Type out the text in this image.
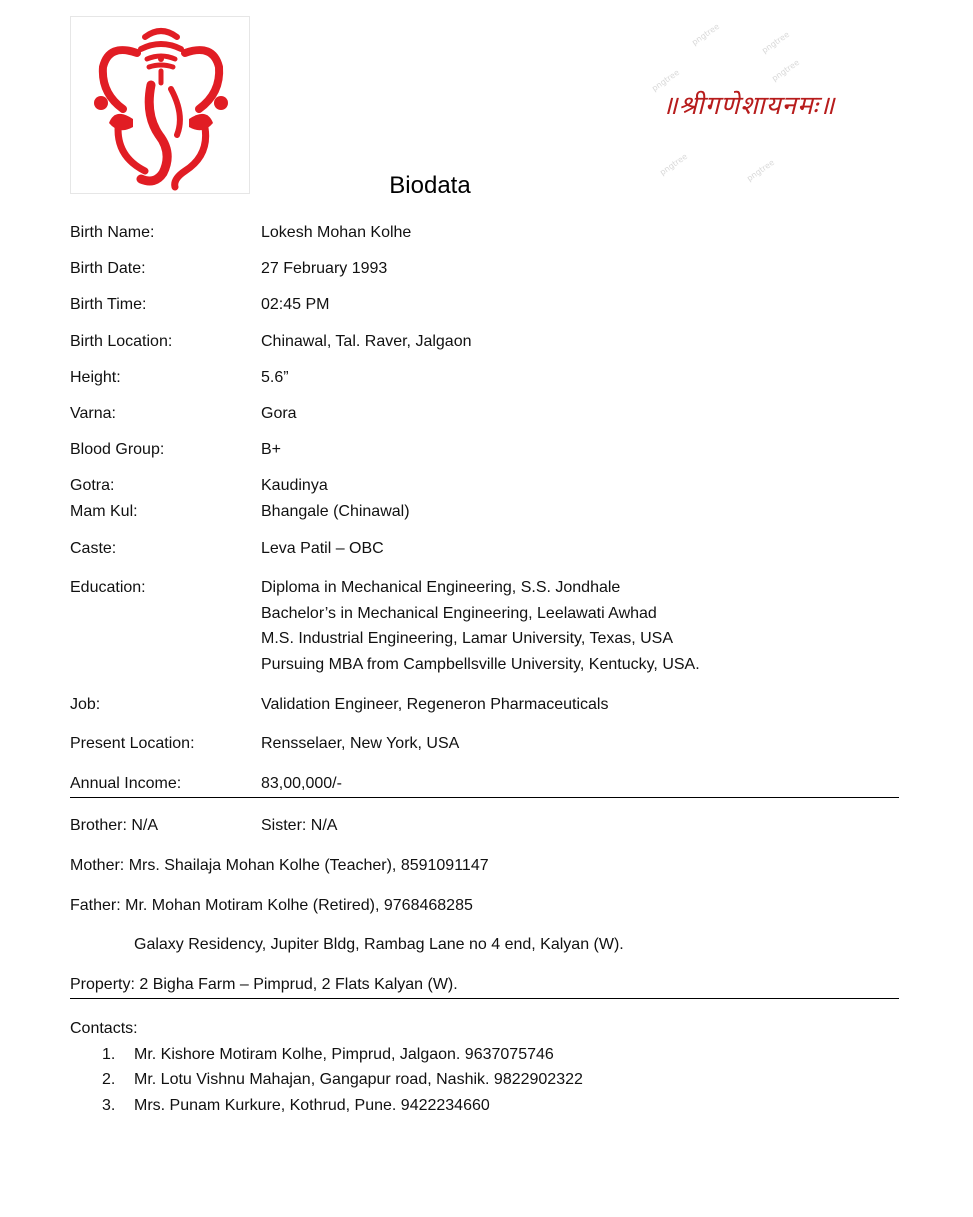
pngtree	pngtree
pngtree	pngtree
pngtree	pngtree
॥श्रीगणेशायनमः॥
Biodata
Birth Name:	Lokesh Mohan Kolhe
Birth Date:	27 February 1993
Birth Time:	02:45 PM
Birth Location:	Chinawal, Tal. Raver, Jalgaon
Height:	5.6”
Varna:	Gora
Blood Group:	B+
Gotra:	Kaudinya
Mam Kul:	Bhangale (Chinawal)
Caste:	Leva Patil – OBC
Education:	Diploma in Mechanical Engineering, S.S. Jondhale
Bachelor’s in Mechanical Engineering, Leelawati Awhad
M.S. Industrial Engineering, Lamar University, Texas, USA
Pursuing MBA from Campbellsville University, Kentucky, USA.
Job:	Validation Engineer, Regeneron Pharmaceuticals
Present Location:	Rensselaer, New York, USA
Annual Income:	83,00,000/-
Brother: N/A	Sister: N/A
Mother: Mrs. Shailaja Mohan Kolhe (Teacher), 8591091147
Father: Mr. Mohan Motiram Kolhe (Retired), 9768468285
Galaxy Residency, Jupiter Bldg, Rambag Lane no 4 end, Kalyan (W).
Property: 2 Bigha Farm – Pimprud, 2 Flats Kalyan (W).
Contacts:
1.	Mr. Kishore Motiram Kolhe, Pimprud, Jalgaon. 9637075746
2.	Mr. Lotu Vishnu Mahajan, Gangapur road, Nashik. 9822902322
3.	Mrs. Punam Kurkure, Kothrud, Pune. 9422234660
